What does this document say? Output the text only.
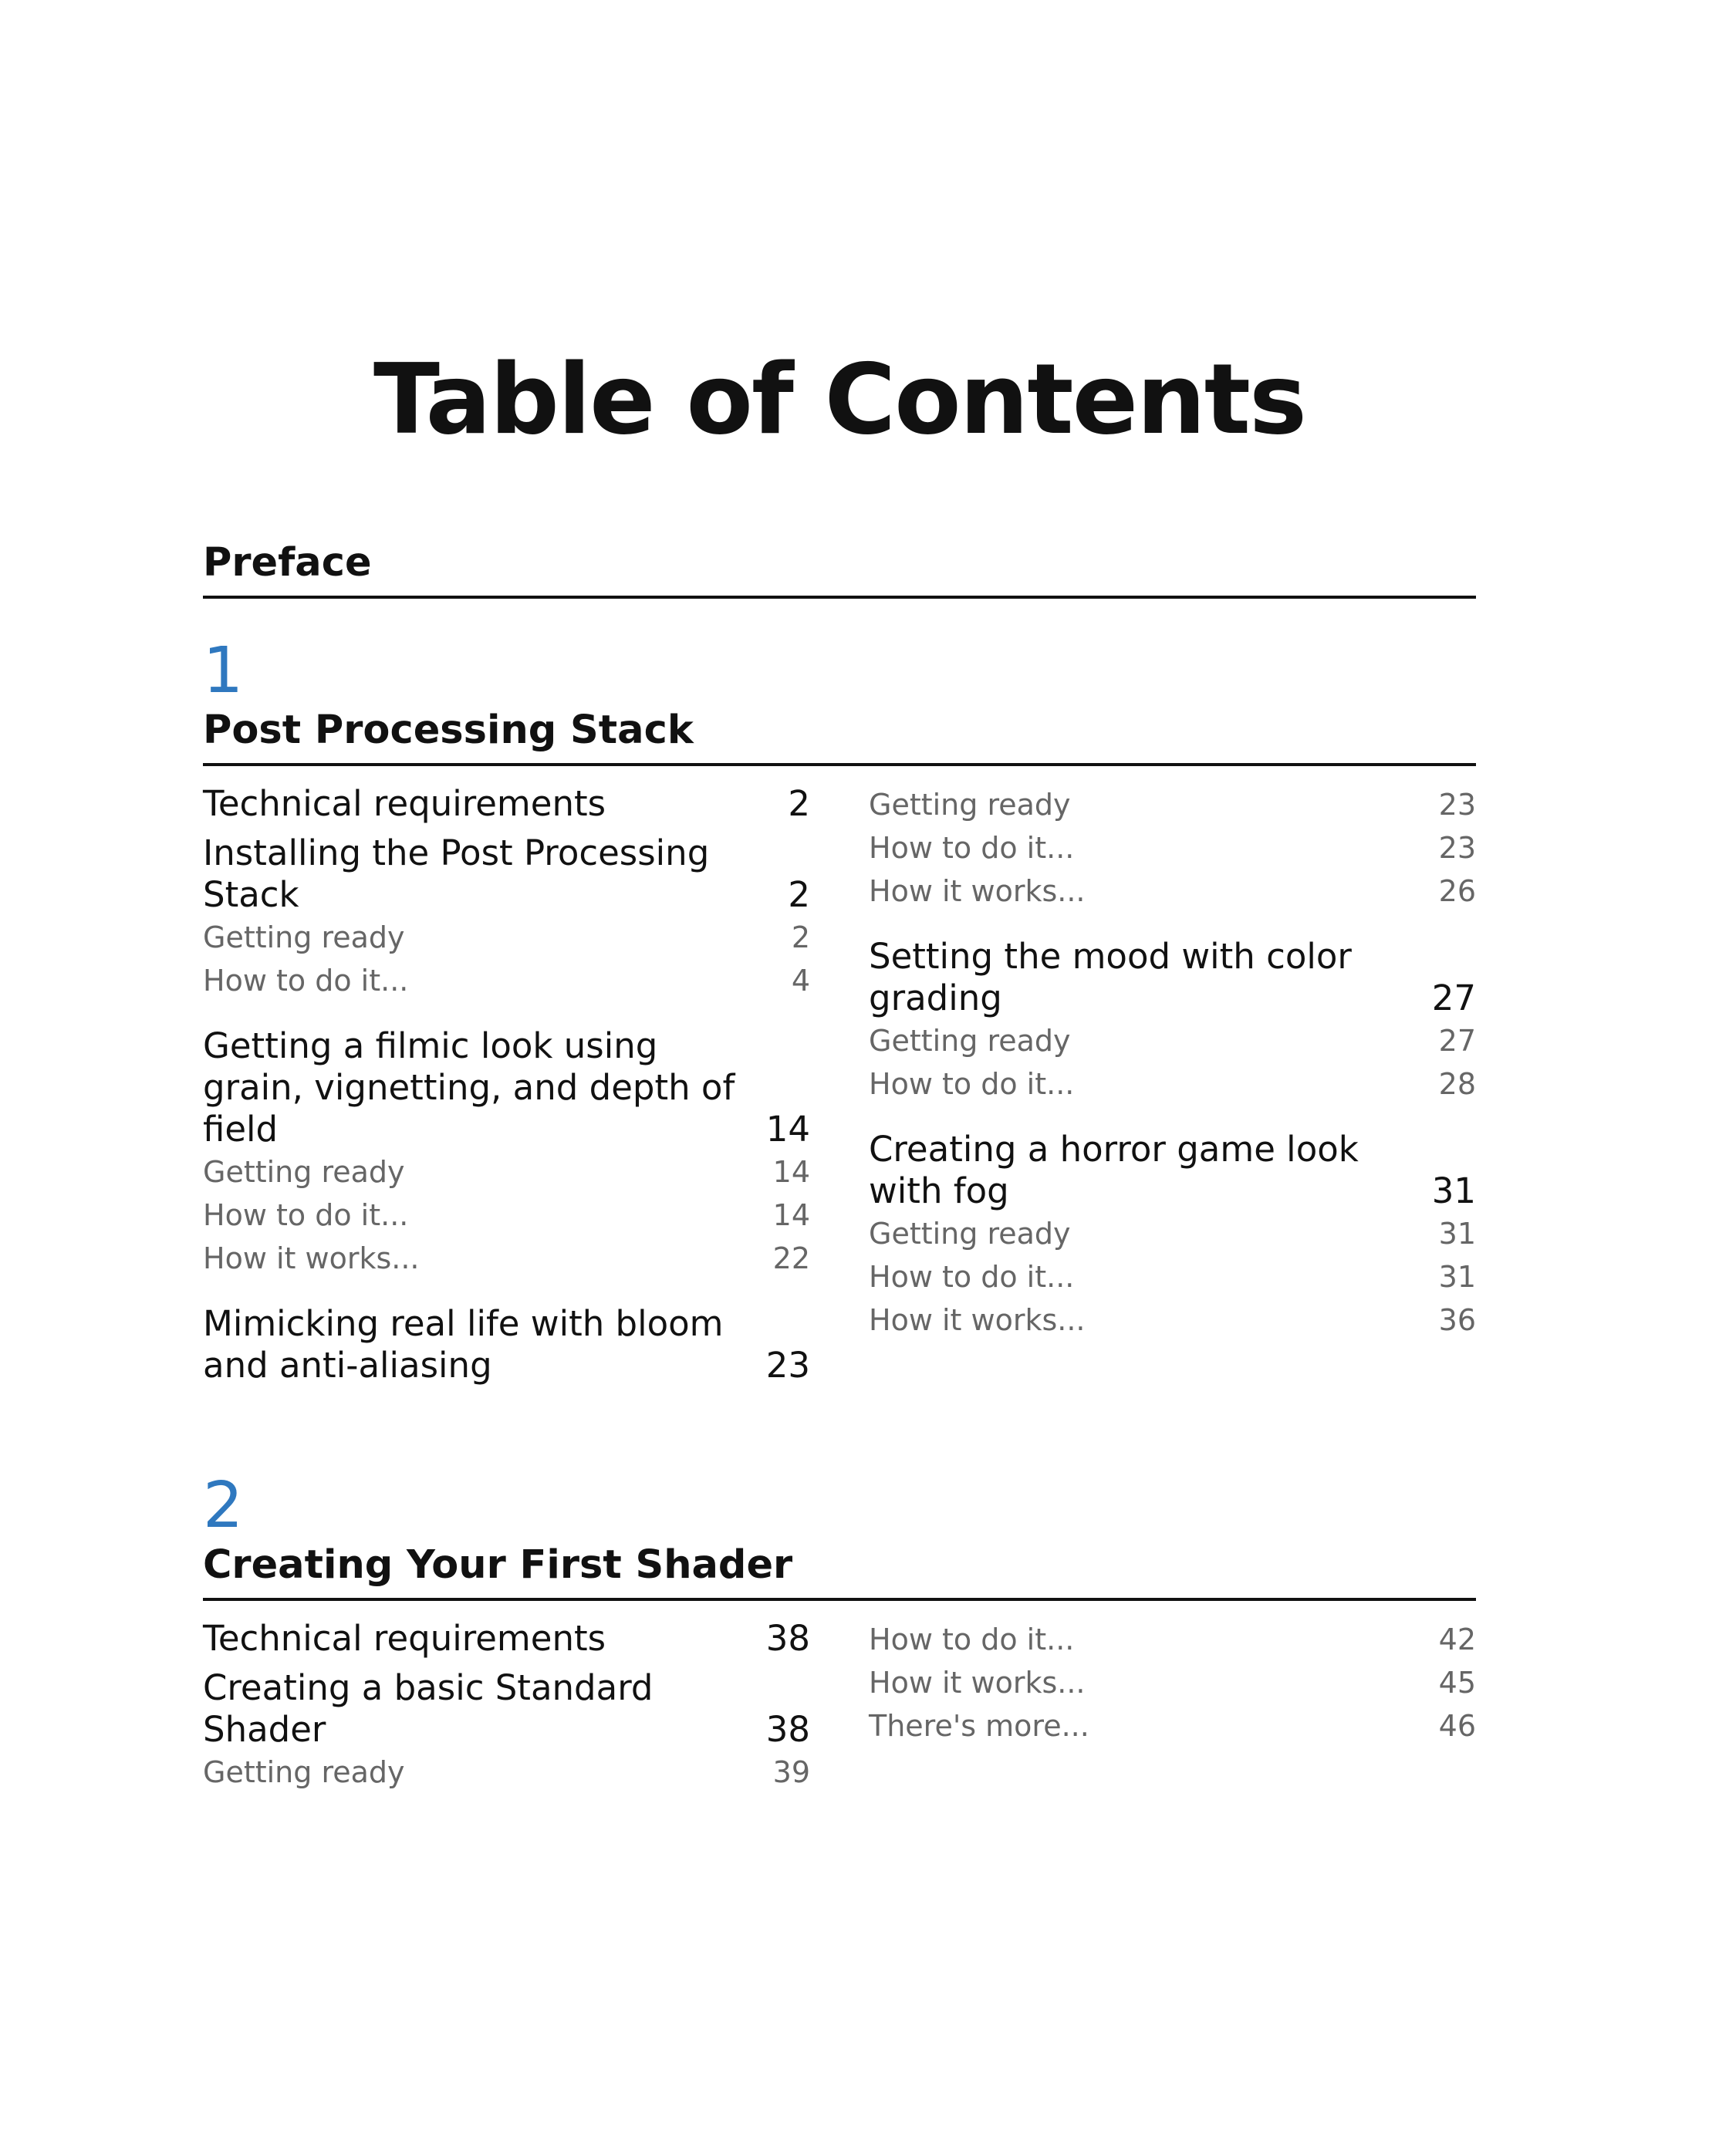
Table of Contents
Preface
1
Post Processing Stack
Technical requirements	2
Installing the Post Processing Stack	2
Getting ready	2
How to do it...	4
Getting a filmic look using grain, vignetting, and depth of field	14
Getting ready	14
How to do it...	14
How it works...	22
Mimicking real life with bloom and anti-aliasing	23
Getting ready	23
How to do it...	23
How it works...	26
Setting the mood with color grading	27
Getting ready	27
How to do it...	28
Creating a horror game look with fog	31
Getting ready	31
How to do it...	31
How it works...	36
2
Creating Your First Shader
Technical requirements	38
Creating a basic Standard Shader	38
Getting ready	39
How to do it...	42
How it works...	45
There's more...	46
